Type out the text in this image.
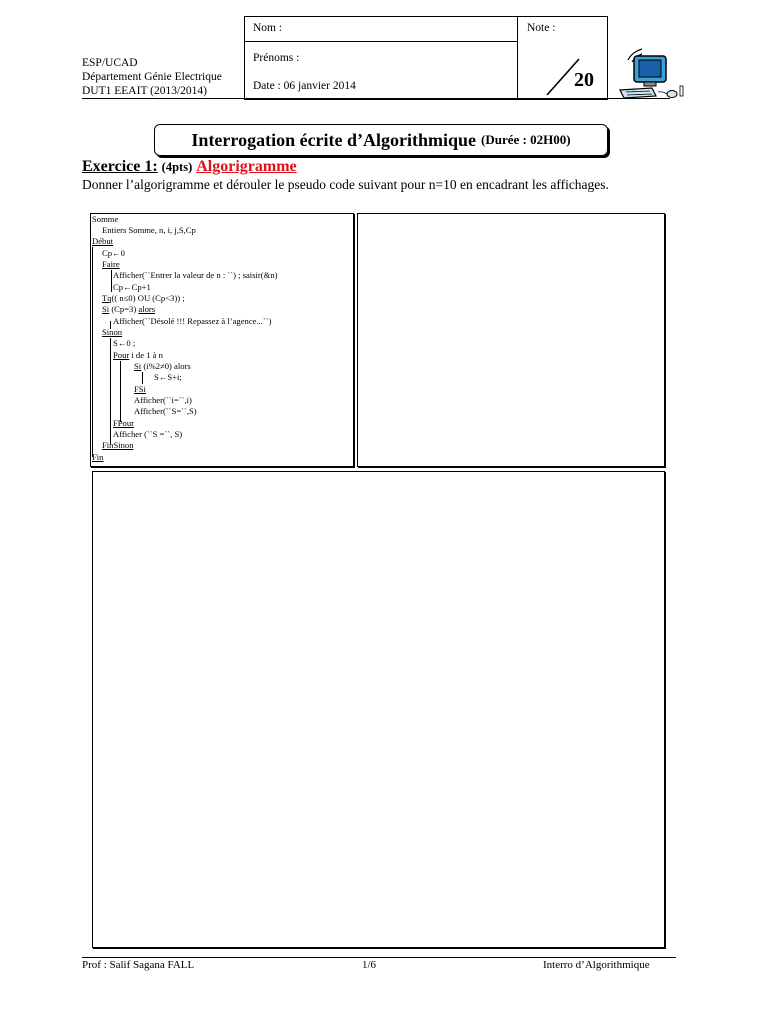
ESP/UCAD
Département Génie Electrique
DUT1 EEAIT (2013/2014)
Nom :
Prénoms :
Date : 06 janvier 2014
Note :
20
Interrogation écrite d’Algorithmique (Durée : 02H00)
Exercice 1: (4pts) Algorigramme
Donner l’algorigramme et dérouler le pseudo code suivant pour n=10 en encadrant les affichages.
Somme
Entiers Somme, n, i, j,S,Cp
Début
Cp←0
Faire
Afficher(``Entrer la valeur de n : ``) ; saisir(&n)
Cp←Cp+1
Tq(( n≤0) OU (Cp<3)) ;
Si (Cp=3) alors
Afficher(``Désolé !!! Repassez à l’agence...``)
Sinon
S←0 ;
Pour i de 1 à n
Si (i%2≠0) alors
S←S+i;
FSi
Afficher(``i=``,i)
Afficher(``S=``,S)
FPour
Afficher (``S =``, S)
FinSinon
Fin
Prof : Salif Sagana FALL	1/6	Interro d’Algorithmique
